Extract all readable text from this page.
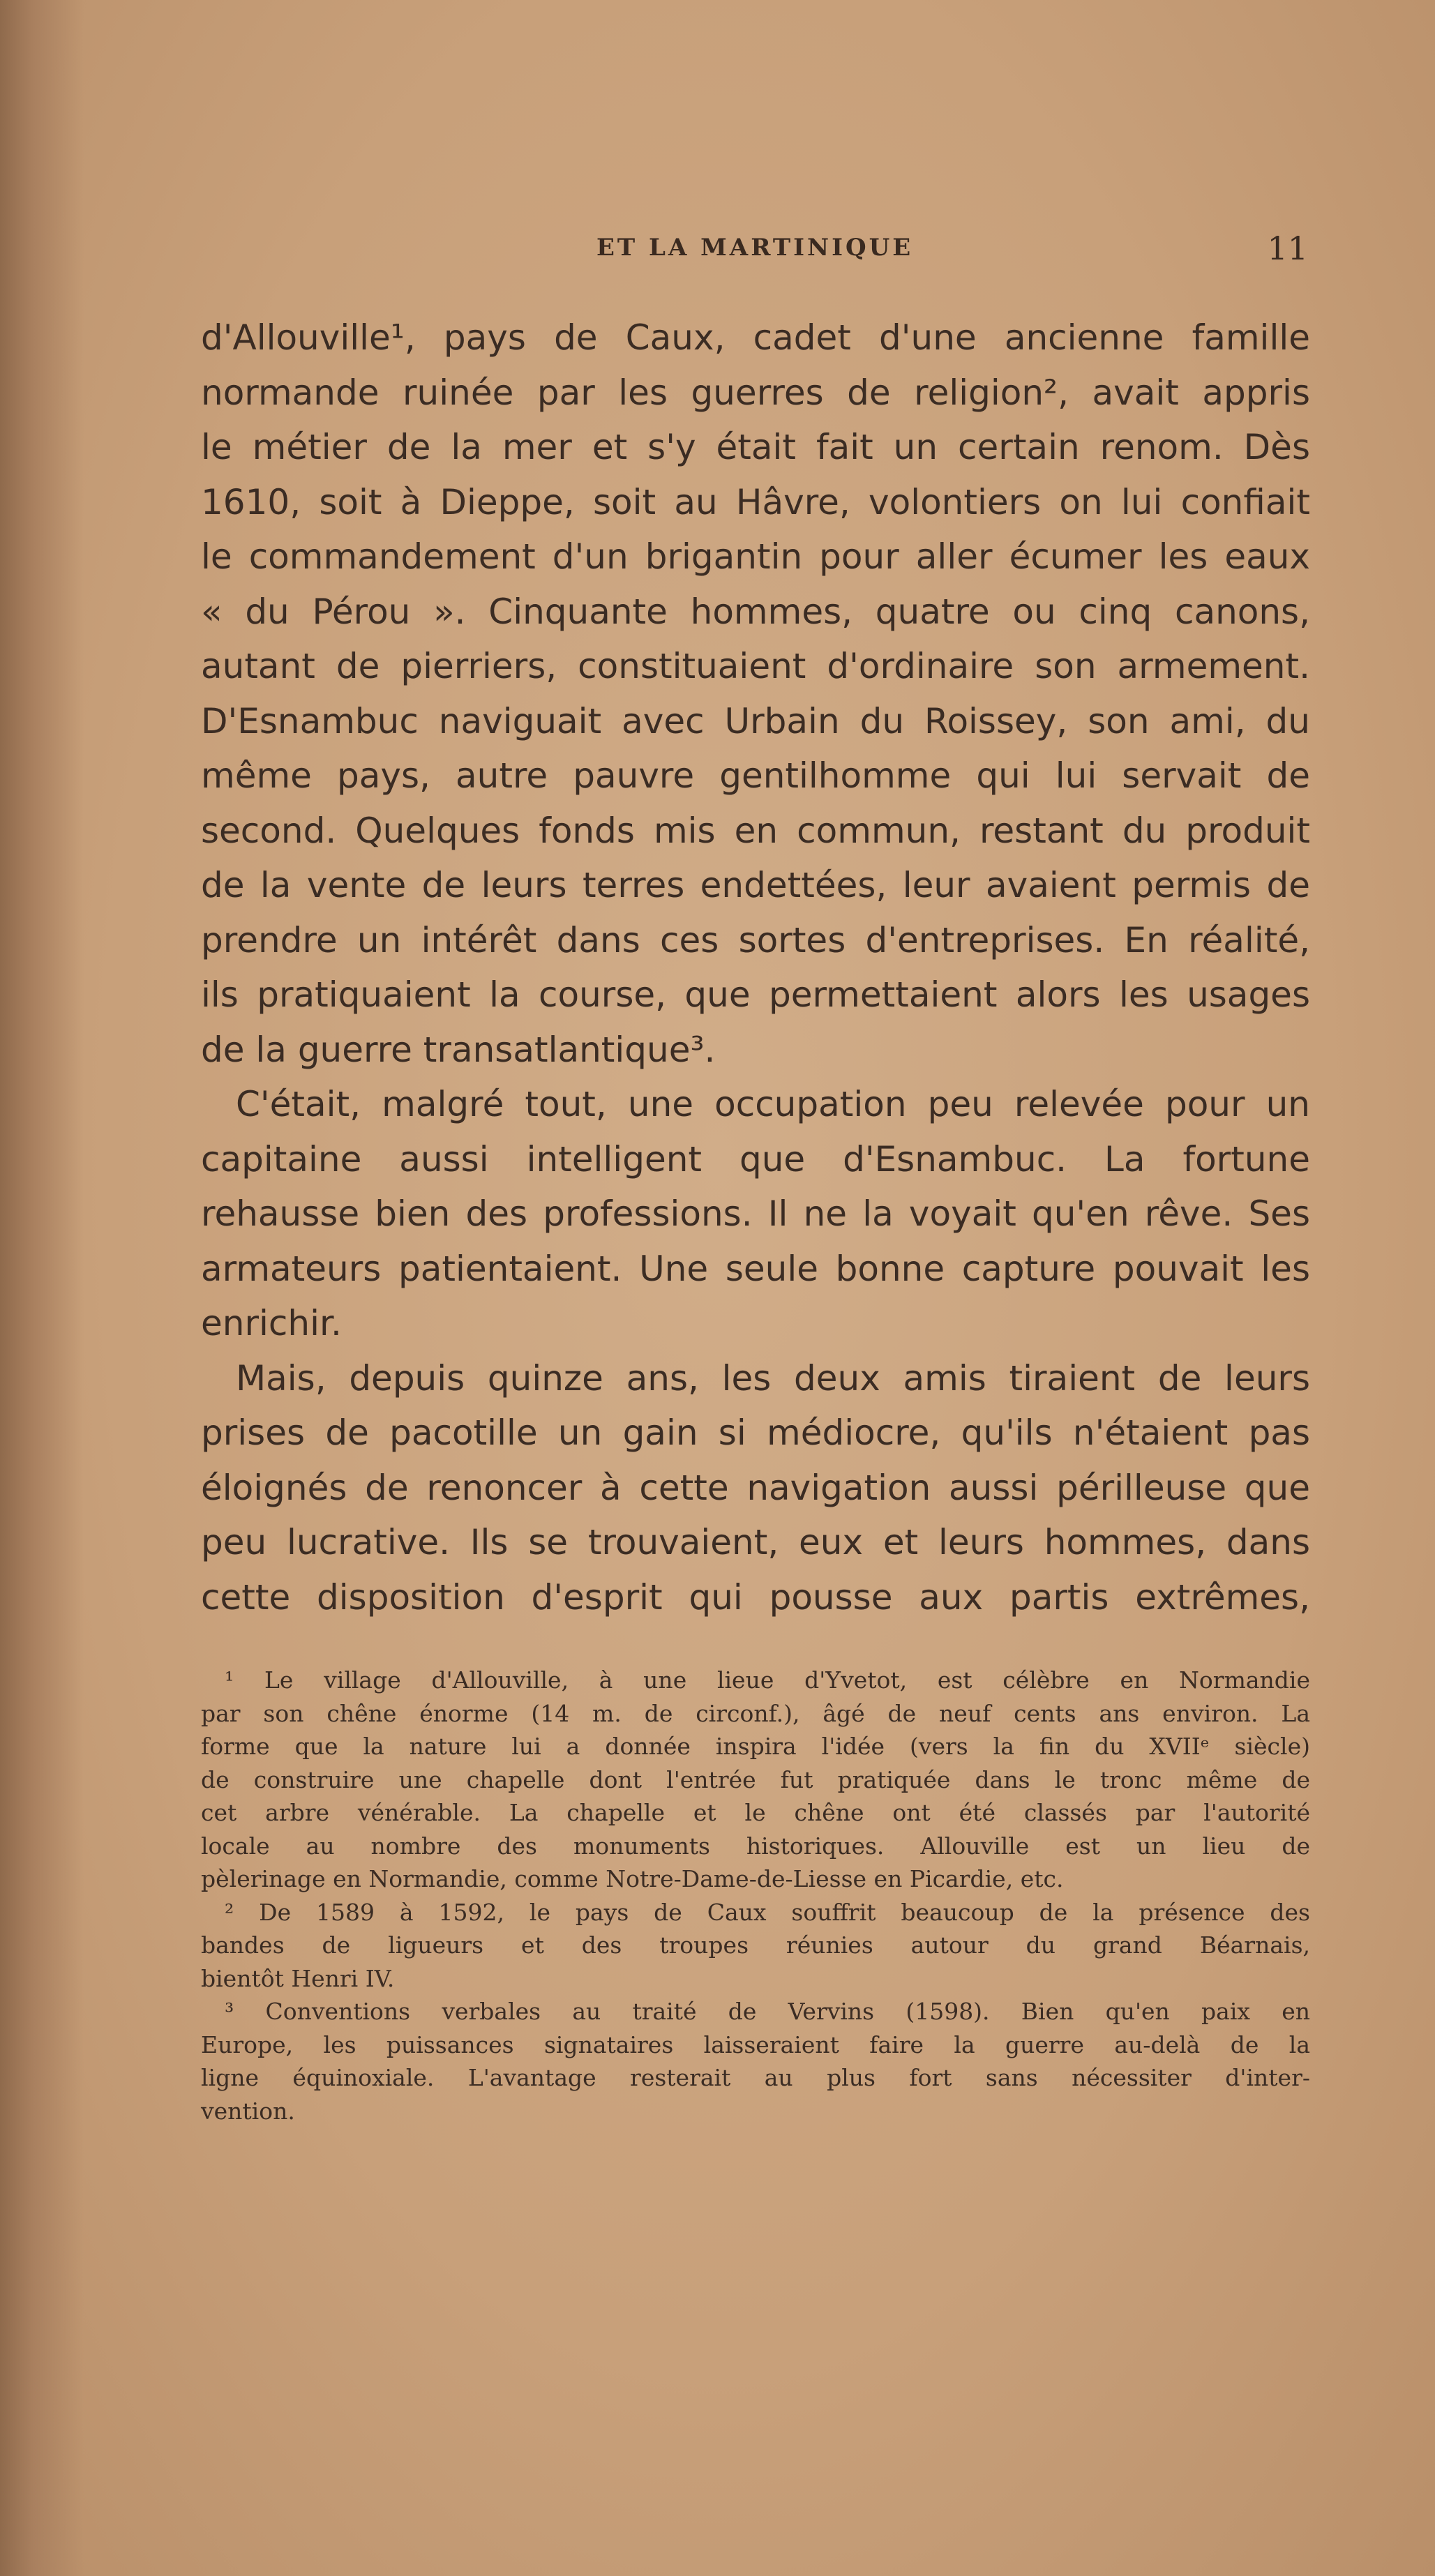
ET LA MARTINIQUE	11
d'Allouville¹, pays de Caux, cadet d'une ancienne famille
normande ruinée par les guerres de religion², avait appris
le métier de la mer et s'y était fait un certain renom. Dès
1610, soit à Dieppe, soit au Hâvre, volontiers on lui confiait
le commandement d'un brigantin pour aller écumer les eaux
« du Pérou ». Cinquante hommes, quatre ou cinq canons,
autant de pierriers, constituaient d'ordinaire son armement.
D'Esnambuc naviguait avec Urbain du Roissey, son ami, du
même pays, autre pauvre gentilhomme qui lui servait de
second. Quelques fonds mis en commun, restant du produit
de la vente de leurs terres endettées, leur avaient permis de
prendre un intérêt dans ces sortes d'entreprises. En réalité,
ils pratiquaient la course, que permettaient alors les usages
de la guerre transatlantique³.
C'était, malgré tout, une occupation peu relevée pour un
capitaine aussi intelligent que d'Esnambuc. La fortune
rehausse bien des professions. Il ne la voyait qu'en rêve. Ses
armateurs patientaient. Une seule bonne capture pouvait les
enrichir.
Mais, depuis quinze ans, les deux amis tiraient de leurs
prises de pacotille un gain si médiocre, qu'ils n'étaient pas
éloignés de renoncer à cette navigation aussi périlleuse que
peu lucrative. Ils se trouvaient, eux et leurs hommes, dans
cette disposition d'esprit qui pousse aux partis extrêmes,
¹ Le village d'Allouville, à une lieue d'Yvetot, est célèbre en Normandie
par son chêne énorme (14 m. de circonf.), âgé de neuf cents ans environ. La
forme que la nature lui a donnée inspira l'idée (vers la fin du XVIIᵉ siècle)
de construire une chapelle dont l'entrée fut pratiquée dans le tronc même de
cet arbre vénérable. La chapelle et le chêne ont été classés par l'autorité
locale au nombre des monuments historiques. Allouville est un lieu de
pèlerinage en Normandie, comme Notre-Dame-de-Liesse en Picardie, etc.
² De 1589 à 1592, le pays de Caux souffrit beaucoup de la présence des
bandes de ligueurs et des troupes réunies autour du grand Béarnais,
bientôt Henri IV.
³ Conventions verbales au traité de Vervins (1598). Bien qu'en paix en
Europe, les puissances signataires laisseraient faire la guerre au-delà de la
ligne équinoxiale. L'avantage resterait au plus fort sans nécessiter d'inter-
vention.
